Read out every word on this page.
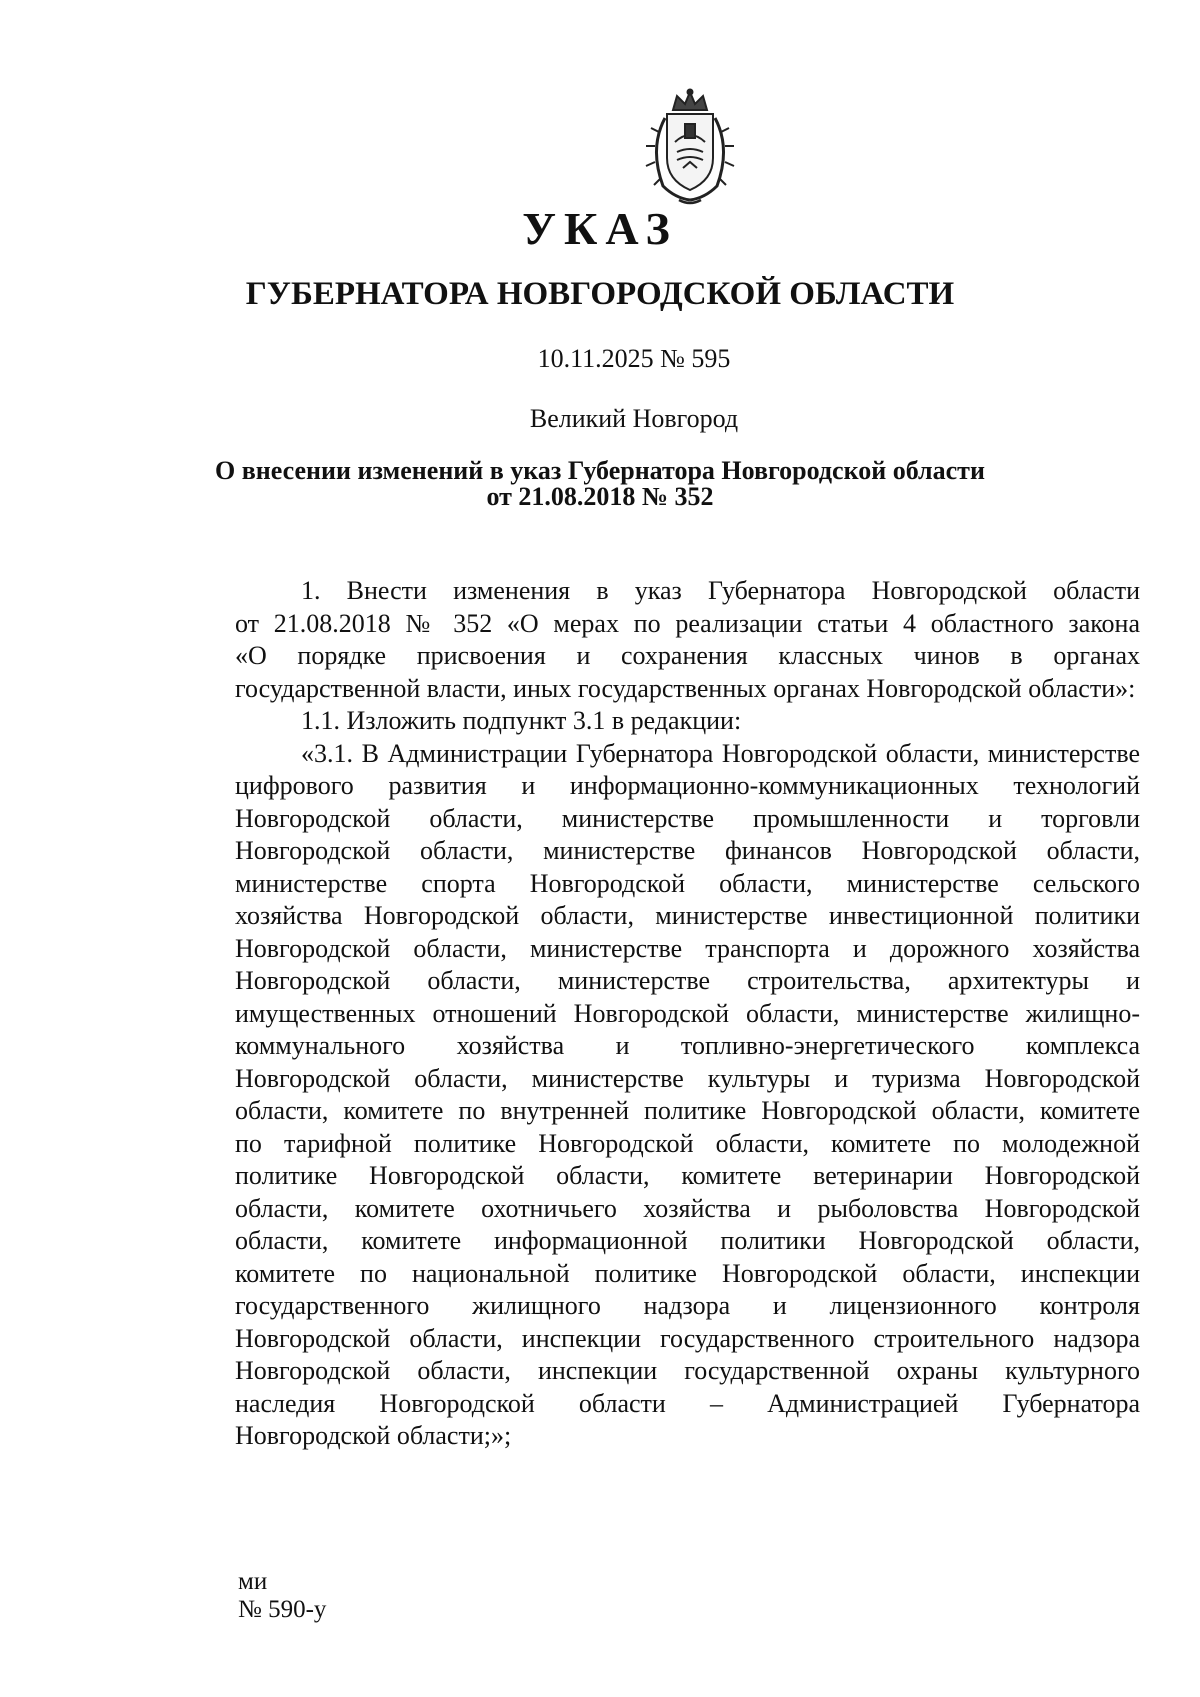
УКАЗ
ГУБЕРНАТОРА НОВГОРОДСКОЙ ОБЛАСТИ
10.11.2025 № 595
Великий Новгород
О внесении изменений в указ Губернатора Новгородской области
от 21.08.2018 № 352
1. Внести изменения в указ Губернатора Новгородской области
от 21.08.2018 № 352 «О мерах по реализации статьи 4 областного закона
«О порядке присвоения и сохранения классных чинов в органах
государственной власти, иных государственных органах Новгородской области»:
1.1. Изложить подпункт 3.1 в редакции:
«3.1. В Администрации Губернатора Новгородской области, министерстве
цифрового развития и информационно-коммуникационных технологий
Новгородской области, министерстве промышленности и торговли
Новгородской области, министерстве финансов Новгородской области,
министерстве спорта Новгородской области, министерстве сельского
хозяйства Новгородской области, министерстве инвестиционной политики
Новгородской области, министерстве транспорта и дорожного хозяйства
Новгородской области, министерстве строительства, архитектуры и
имущественных отношений Новгородской области, министерстве жилищно-
коммунального хозяйства и топливно-энергетического комплекса
Новгородской области, министерстве культуры и туризма Новгородской
области, комитете по внутренней политике Новгородской области, комитете
по тарифной политике Новгородской области, комитете по молодежной
политике Новгородской области, комитете ветеринарии Новгородской
области, комитете охотничьего хозяйства и рыболовства Новгородской
области, комитете информационной политики Новгородской области,
комитете по национальной политике Новгородской области, инспекции
государственного жилищного надзора и лицензионного контроля
Новгородской области, инспекции государственного строительного надзора
Новгородской области, инспекции государственной охраны культурного
наследия Новгородской области – Администрацией Губернатора
Новгородской области;»;
ми
№ 590-у
